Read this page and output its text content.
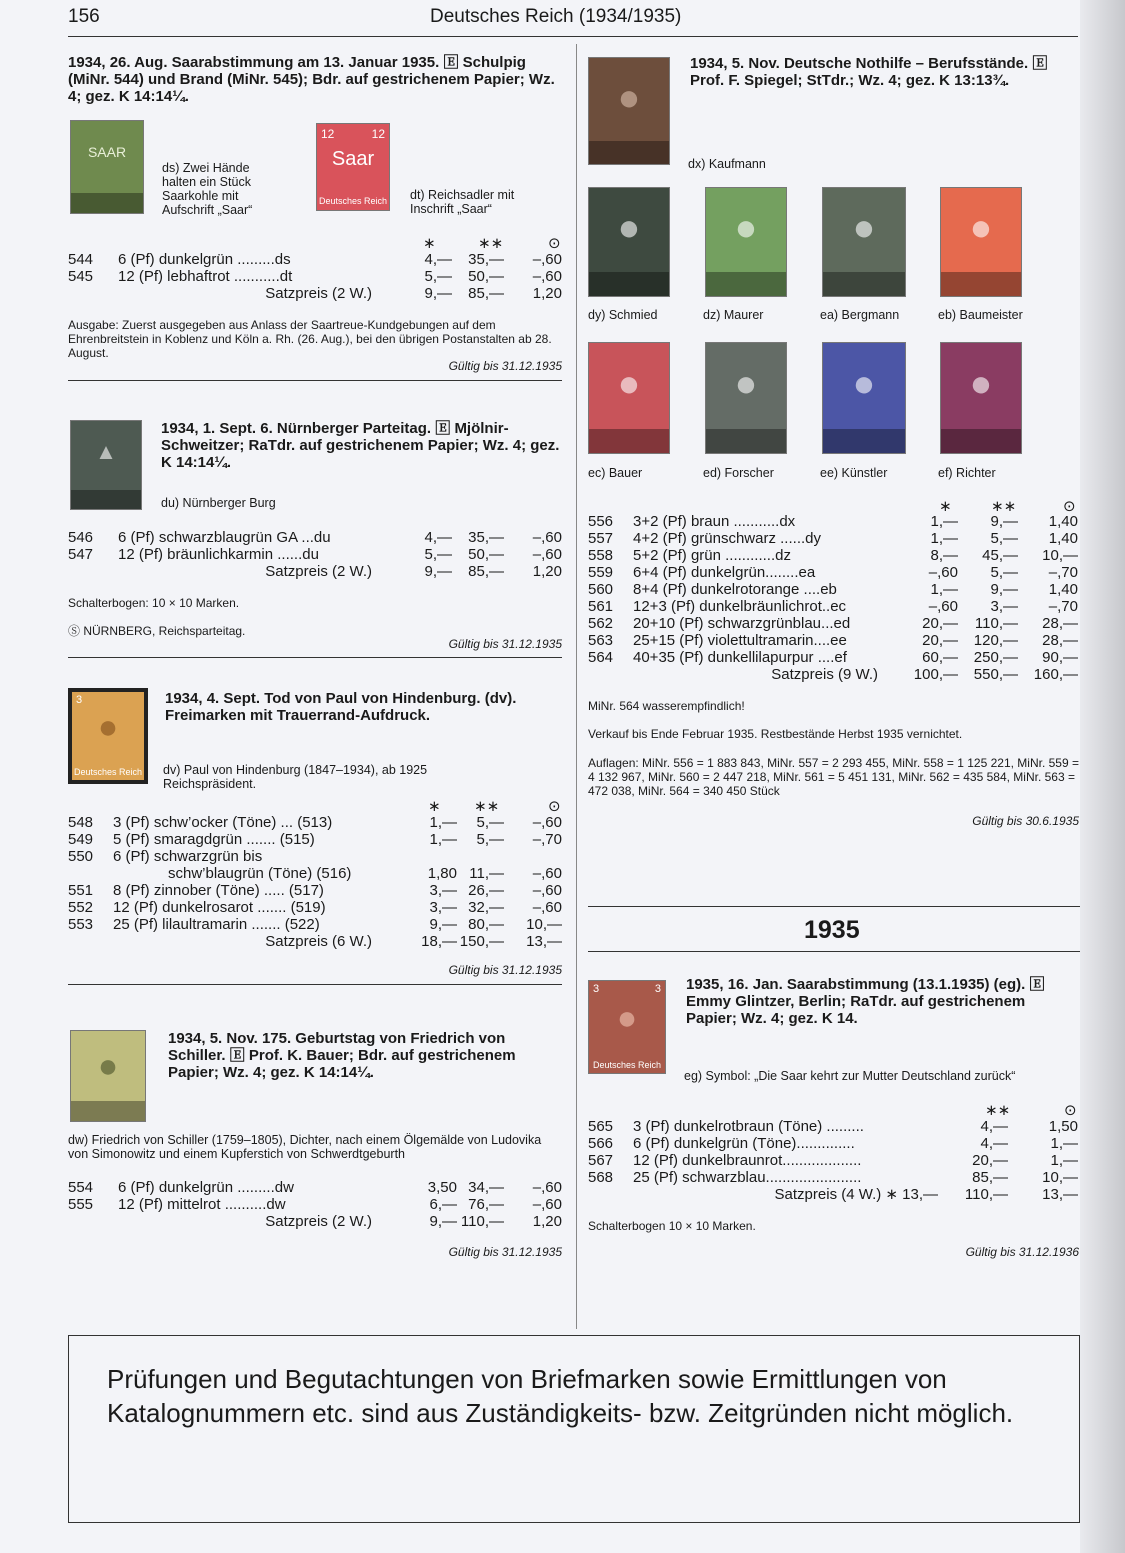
156	Deutsches Reich (1934/1935)
1934, 26. Aug. Saarabstimmung am 13. Januar 1935. 🄴 Schulpig (MiNr. 544) und Brand (MiNr. 545); Bdr. auf gestrichenem Papier; Wz. 4; gez. K 14:14¼.
SAAR
ds) Zwei Hände halten ein Stück Saarkohle mit Aufschrift „Saar“
12	12
Saar
Deutsches Reich dt) Reichsadler mit Inschrift „Saar“
∗	∗∗	⊙
544 6 (Pf) dunkelgrün .........ds	4,— 35,— –,60
545 12 (Pf) lebhaftrot ...........dt	5,— 50,— –,60
Satzpreis (2 W.)	9,— 85,— 1,20
Ausgabe: Zuerst ausgegeben aus Anlass der Saartreue-Kundgebungen auf dem Ehrenbreitstein in Koblenz und Köln a. Rh. (26. Aug.), bei den übrigen Postanstalten ab 28. August.
Gültig bis 31.12.1935
▲
1934, 1. Sept. 6. Nürnberger Parteitag. 🄴 Mjölnir-Schweitzer; RaTdr. auf gestrichenem Papier; Wz. 4; gez. K 14:14¼.
du) Nürnberger Burg
546 6 (Pf) schwarzblaugrün GA ...du	4,— 35,— –,60
547 12 (Pf) bräunlichkarmin ......du	5,— 50,— –,60
Satzpreis (2 W.)	9,— 85,— 1,20
Schalterbogen: 10 × 10 Marken.
Ⓢ NÜRNBERG, Reichsparteitag.
Gültig bis 31.12.1935
3
●
Deutsches Reich
1934, 4. Sept. Tod von Paul von Hindenburg. (dv). Freimarken mit Trauerrand-Aufdruck.
dv) Paul von Hindenburg (1847–1934), ab 1925 Reichspräsident.
∗ ∗∗	⊙
548 3 (Pf) schw’ocker (Töne) ... (513)	1,— 5,— –,60
549 5 (Pf) smaragdgrün ....... (515)	1,— 5,— –,70
550 6 (Pf) schwarzgrün bis
schw’blaugrün (Töne) (516)	1,80 11,— –,60
551 8 (Pf) zinnober (Töne) ..... (517)	3,— 26,— –,60
552 12 (Pf) dunkelrosarot ....... (519)	3,— 32,— –,60
553 25 (Pf) lilaultramarin ....... (522)	9,— 80,— 10,—
Satzpreis (6 W.)	18,— 150,— 13,—
Gültig bis 31.12.1935
●
1934, 5. Nov. 175. Geburtstag von Friedrich von Schiller. 🄴 Prof. K. Bauer; Bdr. auf gestrichenem Papier; Wz. 4; gez. K 14:14¼.
dw) Friedrich von Schiller (1759–1805), Dichter, nach einem Ölgemälde von Ludovika von Simonowitz und einem Kupferstich von Schwerdtgeburth
554 6 (Pf) dunkelgrün .........dw	3,50 34,— –,60
555 12 (Pf) mittelrot ..........dw	6,— 76,— –,60
Satzpreis (2 W.)	9,— 110,— 1,20
Gültig bis 31.12.1935
●
1934, 5. Nov. Deutsche Nothilfe – Berufsstände. 🄴 Prof. F. Spiegel; StTdr.; Wz. 4; gez. K 13:13¾.
dx) Kaufmann
●	●	●	●
dy) Schmied	dz) Maurer	ea) Bergmann	eb) Baumeister
●	●	●	●
ec) Bauer	ed) Forscher	ee) Künstler	ef) Richter
∗	∗∗	⊙
556 3+2 (Pf) braun ...........dx	1,— 9,— 1,40
557 4+2 (Pf) grünschwarz ......dy	1,— 5,— 1,40
558 5+2 (Pf) grün ............dz	8,— 45,— 10,—
559 6+4 (Pf) dunkelgrün........ea	–,60 5,— –,70
560 8+4 (Pf) dunkelrotorange ....eb	1,— 9,— 1,40
561 12+3 (Pf) dunkelbräunlichrot..ec	–,60 3,— –,70
562 20+10 (Pf) schwarzgrünblau...ed	20,— 110,— 28,—
563 25+15 (Pf) violettultramarin....ee	20,— 120,— 28,—
564 40+35 (Pf) dunkellilapurpur ....ef	60,— 250,— 90,—
Satzpreis (9 W.) 100,— 550,— 160,—
MiNr. 564 wasserempfindlich!
Verkauf bis Ende Februar 1935. Restbestände Herbst 1935 vernichtet.
Auflagen: MiNr. 556 = 1 883 843, MiNr. 557 = 2 293 455, MiNr. 558 = 1 125 221, MiNr. 559 = 4 132 967, MiNr. 560 = 2 447 218, MiNr. 561 = 5 451 131, MiNr. 562 = 435 584, MiNr. 563 = 472 038, MiNr. 564 = 340 450 Stück
Gültig bis 30.6.1935
1935
3	3
●
Deutsches Reich
1935, 16. Jan. Saarabstimmung (13.1.1935) (eg). 🄴 Emmy Glintzer, Berlin; RaTdr. auf gestrichenem Papier; Wz. 4; gez. K 14.
eg) Symbol: „Die Saar kehrt zur Mutter Deutschland zurück“
∗∗	⊙
565 3 (Pf) dunkelrotbraun (Töne) .........	4,—	1,50
566 6 (Pf) dunkelgrün (Töne)..............	4,—	1,—
567 12 (Pf) dunkelbraunrot...................	20,—	1,—
568 25 (Pf) schwarzblau.......................	85,— 10,—
Satzpreis (4 W.) ∗ 13,— 110,— 13,—
Schalterbogen 10 × 10 Marken.
Gültig bis 31.12.1936
Prüfungen und Begutachtungen von Briefmarken sowie Ermittlungen von Katalognummern etc. sind aus Zuständigkeits- bzw. Zeitgründen nicht möglich.
